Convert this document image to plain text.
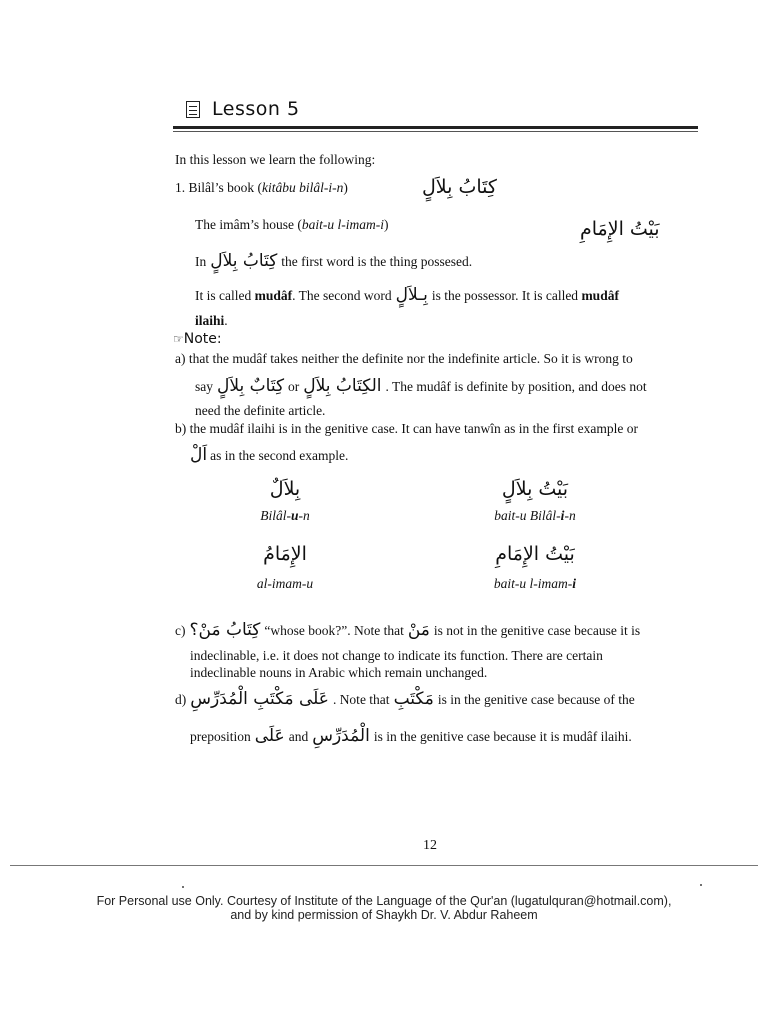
Lesson 5
In this lesson we learn the following:
1. Bilâl’s book (kitâbu bilâl-i-n)	كِتَابُ بِلاَلٍ
The imâm’s house (bait-u l-imam-i)	بَيْتُ الإِمَامِ
In كِتَابُ بِلاَلٍ the first word is the thing possesed.
It is called mudâf. The second word بِـلاَلٍ is the possessor. It is called mudâf
ilaihi.
☞Note:
a) that the mudâf takes neither the definite nor the indefinite article. So it is wrong to
say كِتَابٌ بِلاَلٍ or الكِتَابُ بِلاَلٍ . The mudâf is definite by position, and does not
need the definite article.
b) the mudâf ilaihi is in the genitive case. It can have tanwîn as in the first example or
اَلْ as in the second example.
بِلاَلٌ
Bilâl-u-n
بَيْتُ بِلاَلٍ
bait-u Bilâl-i-n
الإِمَامُ
al-imam-u
بَيْتُ الإِمَامِ
bait-u l-imam-i
c) كِتَابُ مَنْ؟ “whose book?”. Note that مَنْ is not in the genitive case because it is
indeclinable, i.e. it does not change to indicate its function. There are certain
indeclinable nouns in Arabic which remain unchanged.
d) عَلَى مَكْتَبِ الْمُدَرِّسِ . Note that مَكْتَبِ is in the genitive case because of the
preposition عَلَى and الْمُدَرِّسِ is in the genitive case because it is mudâf ilaihi.
12
For Personal use Only. Courtesy of Institute of the Language of the Qur'an (lugatulquran@hotmail.com),
and by kind permission of Shaykh Dr. V. Abdur Raheem
